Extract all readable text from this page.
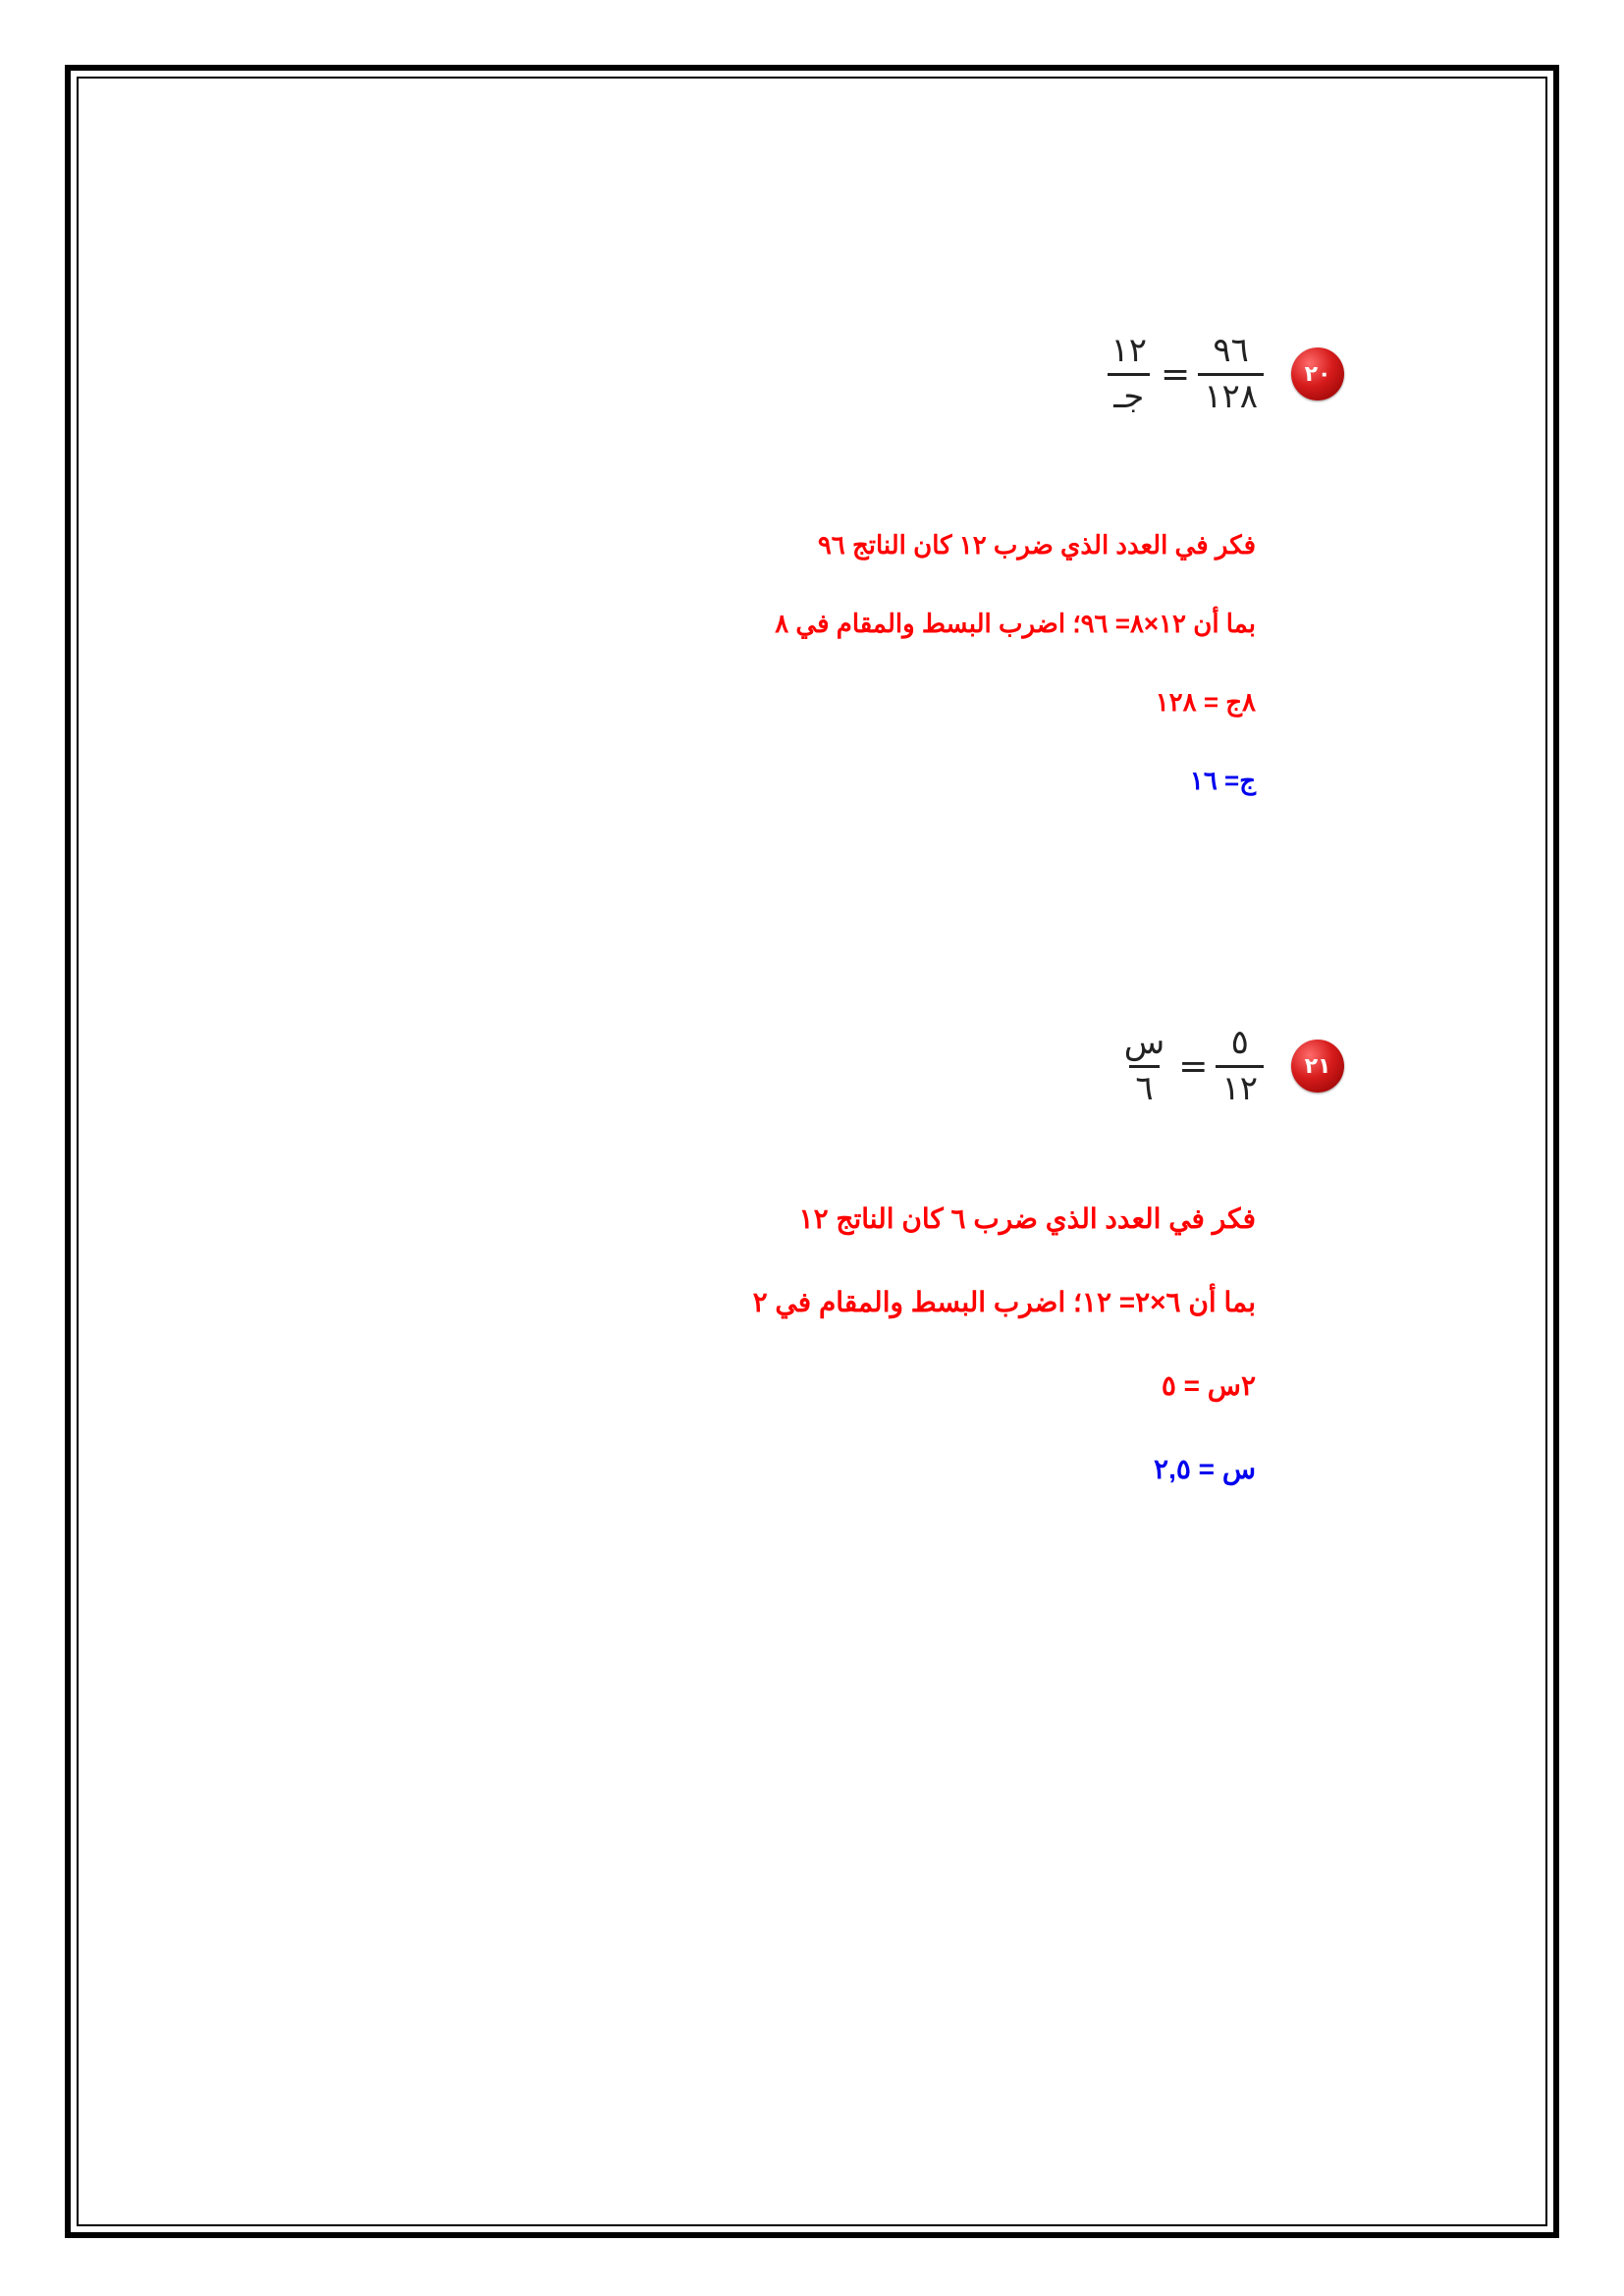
٢٠
$\frac{٩٦}{١٢٨}$
=
$\frac{١٢}{\text{جـ}}$
فكر في العدد الذي ضرب ١٢ كان الناتج ٩٦
بما أن ١٢×٨= ٩٦؛ اضرب البسط والمقام في ٨
٨ج = ١٢٨
ج= ١٦
٢١
$\frac{٥}{١٢}$
=
$\frac{\text{س}}{٦}$
فكر في العدد الذي ضرب ٦ كان الناتج ١٢
بما أن ٦×٢= ١٢؛ اضرب البسط والمقام في ٢
٢س = ٥
س = ٢,٥
